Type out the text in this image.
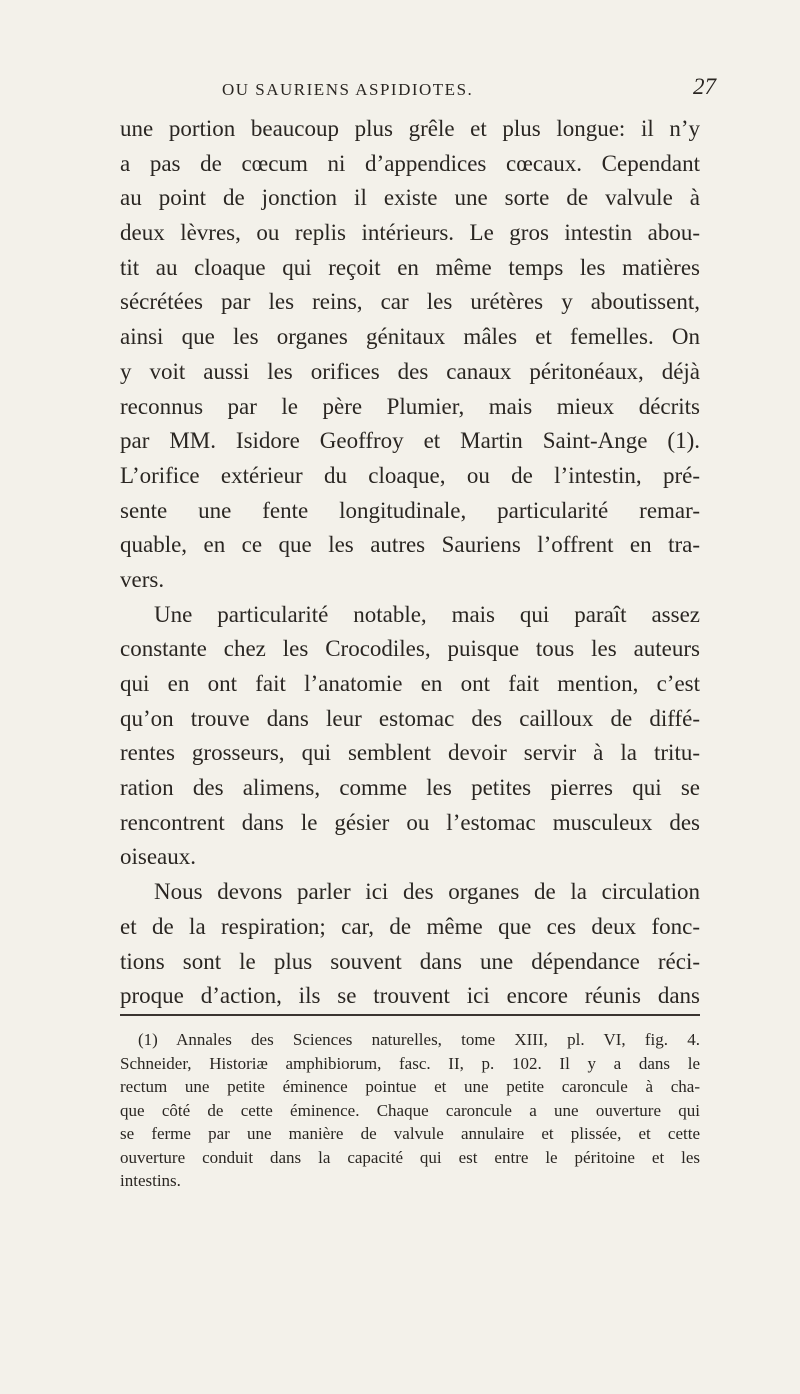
OU SAURIENS ASPIDIOTES.	27
une portion beaucoup plus grêle et plus longue: il n’y
a pas de cœcum ni d’appendices cœcaux. Cependant
au point de jonction il existe une sorte de valvule à
deux lèvres, ou replis intérieurs. Le gros intestin abou-
tit au cloaque qui reçoit en même temps les matières
sécrétées par les reins, car les urétères y aboutissent,
ainsi que les organes génitaux mâles et femelles. On
y voit aussi les orifices des canaux péritonéaux, déjà
reconnus par le père Plumier, mais mieux décrits
par MM. Isidore Geoffroy et Martin Saint-Ange (1).
L’orifice extérieur du cloaque, ou de l’intestin, pré-
sente une fente longitudinale, particularité remar-
quable, en ce que les autres Sauriens l’offrent en tra-
vers.
Une particularité notable, mais qui paraît assez
constante chez les Crocodiles, puisque tous les auteurs
qui en ont fait l’anatomie en ont fait mention, c’est
qu’on trouve dans leur estomac des cailloux de diffé-
rentes grosseurs, qui semblent devoir servir à la tritu-
ration des alimens, comme les petites pierres qui se
rencontrent dans le gésier ou l’estomac musculeux des
oiseaux.
Nous devons parler ici des organes de la circulation
et de la respiration; car, de même que ces deux fonc-
tions sont le plus souvent dans une dépendance réci-
proque d’action, ils se trouvent ici encore réunis dans
(1) Annales des Sciences naturelles, tome XIII, pl. VI, fig. 4.
Schneider, Historiæ amphibiorum, fasc. II, p. 102. Il y a dans le
rectum une petite éminence pointue et une petite caroncule à cha-
que côté de cette éminence. Chaque caroncule a une ouverture qui
se ferme par une manière de valvule annulaire et plissée, et cette
ouverture conduit dans la capacité qui est entre le péritoine et les
intestins.
